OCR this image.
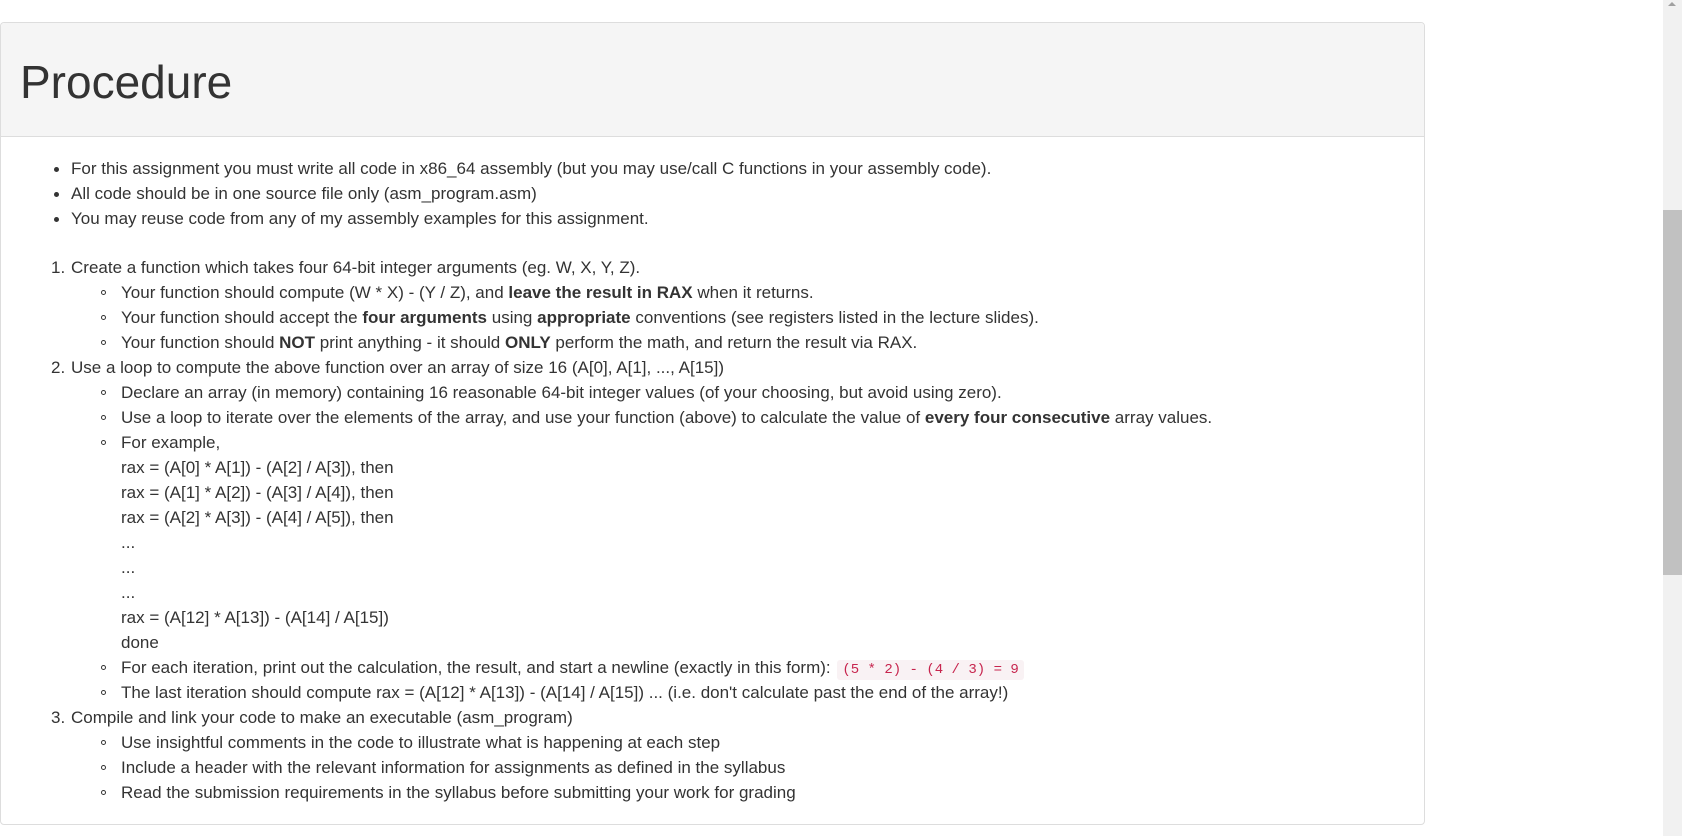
Procedure
For this assignment you must write all code in x86_64 assembly (but you may use/call C functions in your assembly code).
All code should be in one source file only (asm_program.asm)
You may reuse code from any of my assembly examples for this assignment.
1. Create a function which takes four 64-bit integer arguments (eg. W, X, Y, Z).
Your function should compute (W * X) - (Y / Z), and leave the result in RAX when it returns.
Your function should accept the four arguments using appropriate conventions (see registers listed in the lecture slides).
Your function should NOT print anything - it should ONLY perform the math, and return the result via RAX.
2. Use a loop to compute the above function over an array of size 16 (A[0], A[1], ..., A[15])
Declare an array (in memory) containing 16 reasonable 64-bit integer values (of your choosing, but avoid using zero).
Use a loop to iterate over the elements of the array, and use your function (above) to calculate the value of every four consecutive array values.
For example,
rax = (A[0] * A[1]) - (A[2] / A[3]), then
rax = (A[1] * A[2]) - (A[3] / A[4]), then
rax = (A[2] * A[3]) - (A[4] / A[5]), then
...
...
...
rax = (A[12] * A[13]) - (A[14] / A[15])
done
For each iteration, print out the calculation, the result, and start a newline (exactly in this form): (5 * 2) - (4 / 3) = 9
The last iteration should compute rax = (A[12] * A[13]) - (A[14] / A[15]) ... (i.e. don't calculate past the end of the array!)
3. Compile and link your code to make an executable (asm_program)
Use insightful comments in the code to illustrate what is happening at each step
Include a header with the relevant information for assignments as defined in the syllabus
Read the submission requirements in the syllabus before submitting your work for grading
